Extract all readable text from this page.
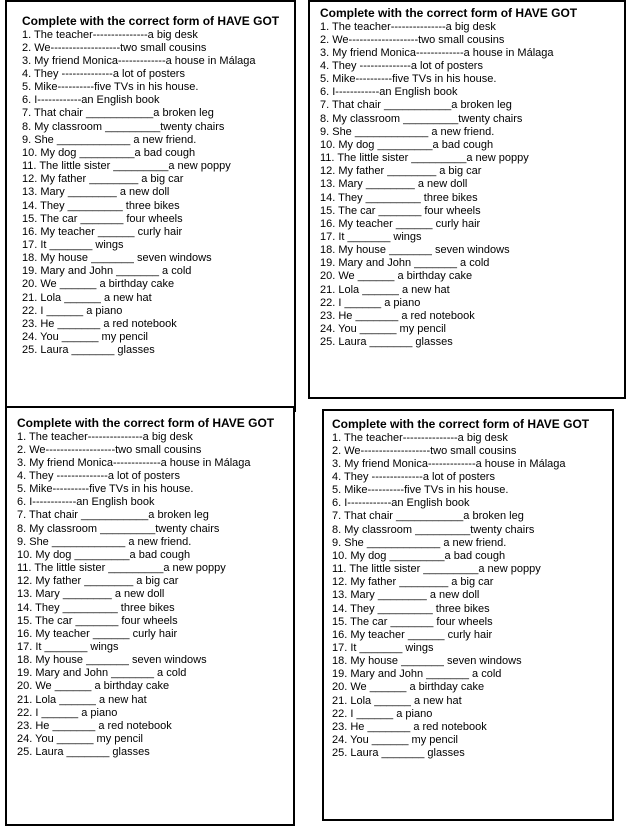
Complete with the correct form of HAVE GOT
1. The teacher---------------a big desk
2. We-------------------two small cousins
3. My friend Monica-------------a house in Málaga
4. They --------------a lot of posters
5. Mike----------five TVs in his house.
6. I------------an English book
7. That chair ___________a broken leg
8. My classroom _________twenty chairs
9. She ____________ a new friend.
10. My dog _________a bad cough
11. The little sister _________a new poppy
12. My father ________ a big car
13. Mary ________ a new doll
14. They _________ three bikes
15. The car _______ four wheels
16. My teacher ______ curly hair
17. It _______ wings
18. My house _______ seven windows
19. Mary and John _______ a cold
20. We ______ a birthday cake
21. Lola ______ a new hat
22. I ______ a piano
23. He _______ a red notebook
24. You ______ my pencil
25. Laura _______ glasses
Complete with the correct form of HAVE GOT
1. The teacher---------------a big desk
2. We-------------------two small cousins
3. My friend Monica-------------a house in Málaga
4. They --------------a lot of posters
5. Mike----------five TVs in his house.
6. I------------an English book
7. That chair ___________a broken leg
8. My classroom _________twenty chairs
9. She ____________ a new friend.
10. My dog _________a bad cough
11. The little sister _________a new poppy
12. My father ________ a big car
13. Mary ________ a new doll
14. They _________ three bikes
15. The car _______ four wheels
16. My teacher ______ curly hair
17. It _______ wings
18. My house _______ seven windows
19. Mary and John _______ a cold
20. We ______ a birthday cake
21. Lola ______ a new hat
22. I ______ a piano
23. He _______ a red notebook
24. You ______ my pencil
25. Laura _______ glasses
Complete with the correct form of HAVE GOT
1. The teacher---------------a big desk
2. We-------------------two small cousins
3. My friend Monica-------------a house in Málaga
4. They --------------a lot of posters
5. Mike----------five TVs in his house.
6. I------------an English book
7. That chair ___________a broken leg
8. My classroom _________twenty chairs
9. She ____________ a new friend.
10. My dog _________a bad cough
11. The little sister _________a new poppy
12. My father ________ a big car
13. Mary ________ a new doll
14. They _________ three bikes
15. The car _______ four wheels
16. My teacher ______ curly hair
17. It _______ wings
18. My house _______ seven windows
19. Mary and John _______ a cold
20. We ______ a birthday cake
21. Lola ______ a new hat
22. I ______ a piano
23. He _______ a red notebook
24. You ______ my pencil
25. Laura _______ glasses
Complete with the correct form of HAVE GOT
1. The teacher---------------a big desk
2. We-------------------two small cousins
3. My friend Monica-------------a house in Málaga
4. They --------------a lot of posters
5. Mike----------five TVs in his house.
6. I------------an English book
7. That chair ___________a broken leg
8. My classroom _________twenty chairs
9. She ____________ a new friend.
10. My dog _________a bad cough
11. The little sister _________a new poppy
12. My father ________ a big car
13. Mary ________ a new doll
14. They _________ three bikes
15. The car _______ four wheels
16. My teacher ______ curly hair
17. It _______ wings
18. My house _______ seven windows
19. Mary and John _______ a cold
20. We ______ a birthday cake
21. Lola ______ a new hat
22. I ______ a piano
23. He _______ a red notebook
24. You ______ my pencil
25. Laura _______ glasses
